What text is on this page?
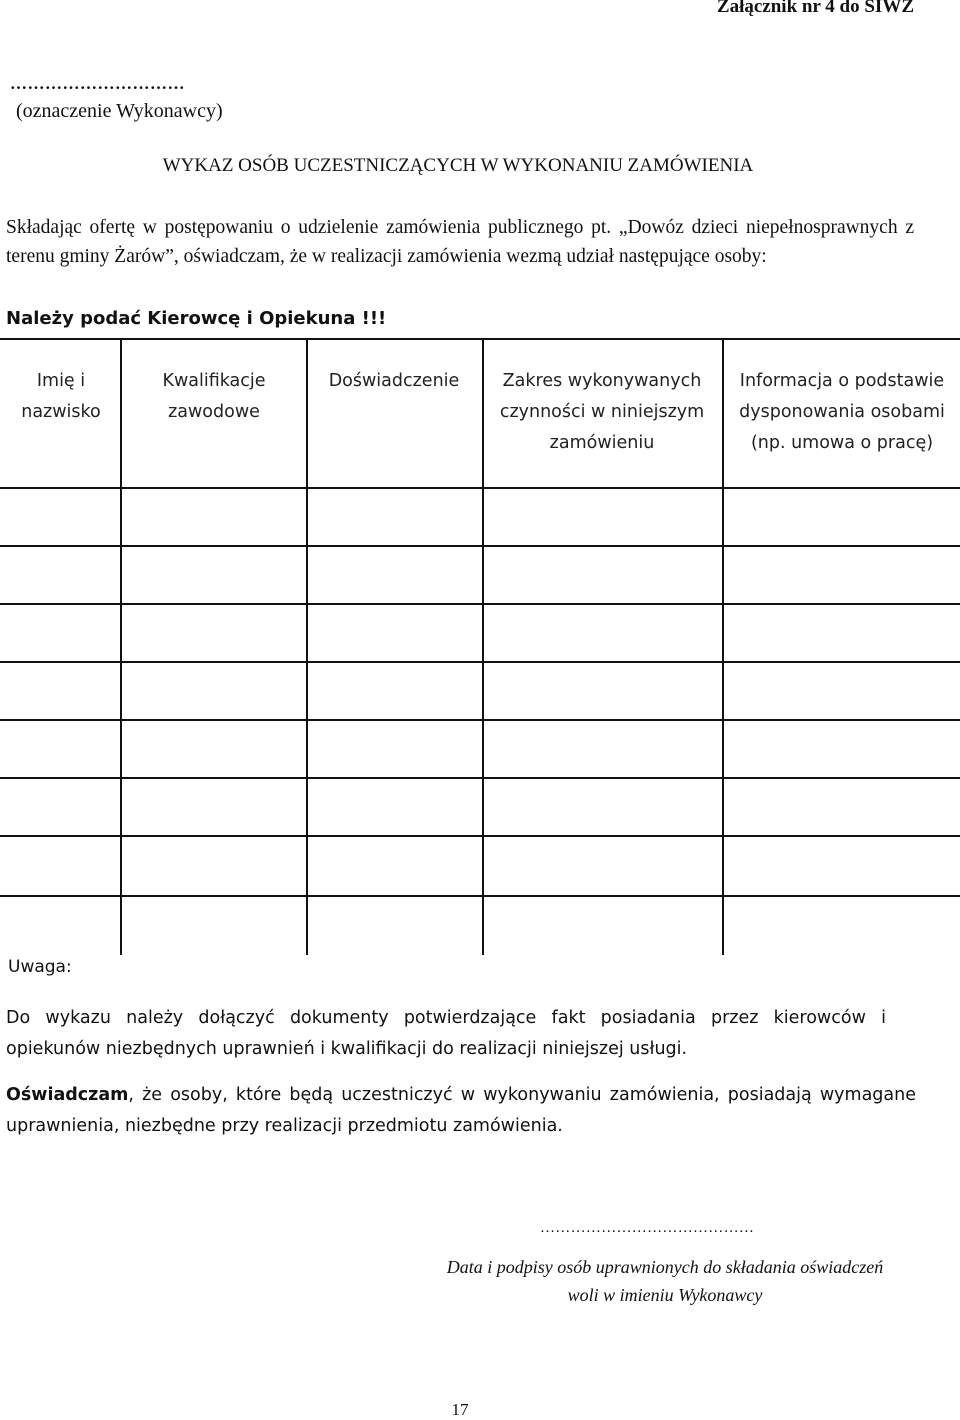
Załącznik nr 4 do SIWZ
…………………………
(oznaczenie Wykonawcy)
WYKAZ OSÓB UCZESTNICZĄCYCH W WYKONANIU ZAMÓWIENIA
Składając ofertę w postępowaniu o udzielenie zamówienia publicznego pt. „Dowóz dzieci niepełnosprawnych z terenu gminy Żarów”, oświadczam, że w realizacji zamówienia wezmą udział następujące osoby:
Należy podać Kierowcę i Opiekuna !!!
Imię i nazwisko
Kwalifikacje zawodowe
Doświadczenie	Zakres wykonywanych czynności w niniejszym zamówieniu
Informacja o podstawie dysponowania osobami (np. umowa o pracę)
Uwaga:
Do wykazu należy dołączyć dokumenty potwierdzające fakt posiadania przez kierowców i opiekunów niezbędnych uprawnień i kwalifikacji do realizacji niniejszej usługi.
Oświadczam, że osoby, które będą uczestniczyć w wykonywaniu zamówienia, posiadają wymagane uprawnienia, niezbędne przy realizacji przedmiotu zamówienia.
……………………………………
Data i podpisy osób uprawnionych do składania oświadczeń woli w imieniu Wykonawcy
17
